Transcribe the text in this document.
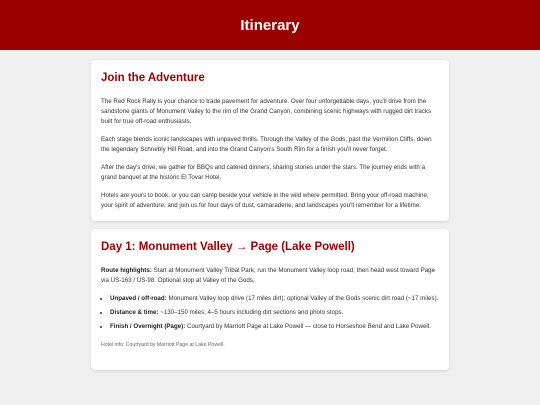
Itinerary
Join the Adventure

The Red Rock Rally is your chance to trade pavement for adventure. Over four unforgettable days, you'll drive from the sandstone giants of Monument Valley to the rim of the Grand Canyon, combining scenic highways with rugged dirt tracks built for true off-road enthusiasts.

Each stage blends iconic landscapes with unpaved thrills. Through the Valley of the Gods, past the Vermilion Cliffs, down the legendary Schnebly Hill Road, and into the Grand Canyon's South Rim for a finish you'll never forget.

After the day's drive, we gather for BBQs and catered dinners, sharing stories under the stars. The journey ends with a grand banquet at the historic El Tovar Hotel.

Hotels are yours to book, or you can camp beside your vehicle in the wild where permitted. Bring your off-road machine, your spirit of adventure, and join us for four days of dust, camaraderie, and landscapes you'll remember for a lifetime.

Day 1: Monument Valley → Page (Lake Powell)

Route highlights: Start at Monument Valley Tribal Park, run the Monument Valley loop road, then head west toward Page via US-163 / US-98. Optional stop at Valley of the Gods.

• Unpaved / off-road: Monument Valley loop drive (17 miles dirt); optional Valley of the Gods scenic dirt road (~17 miles).
• Distance & time: ~130–150 miles; 4–5 hours including dirt sections and photo stops.
• Finish / Overnight (Page): Courtyard by Marriott Page at Lake Powell — close to Horseshoe Bend and Lake Powell.

Hotel info: Courtyard by Marriott Page at Lake Powell.
